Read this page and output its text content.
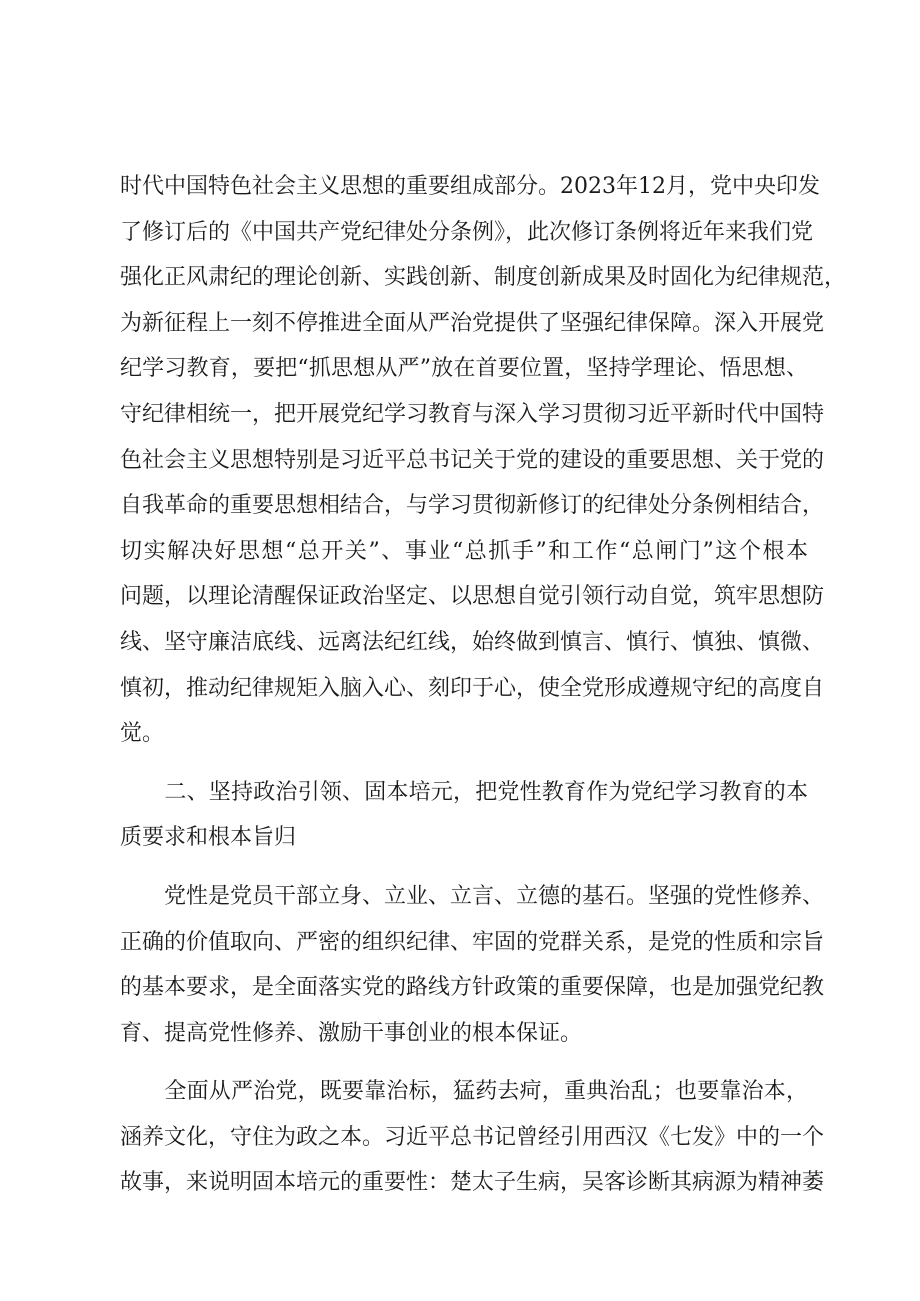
时代中国特色社会主义思想的重要组成部分。2023年12月，党中央印发
了修订后的《中国共产党纪律处分条例》，此次修订条例将近年来我们党
强化正风肃纪的理论创新、实践创新、制度创新成果及时固化为纪律规范，
为新征程上一刻不停推进全面从严治党提供了坚强纪律保障。深入开展党
纪学习教育，要把“抓思想从严”放在首要位置，坚持学理论、悟思想、
守纪律相统一，把开展党纪学习教育与深入学习贯彻习近平新时代中国特
色社会主义思想特别是习近平总书记关于党的建设的重要思想、关于党的
自我革命的重要思想相结合，与学习贯彻新修订的纪律处分条例相结合，
切实解决好思想“总开关”、事业“总抓手”和工作“总闸门”这个根本
问题，以理论清醒保证政治坚定、以思想自觉引领行动自觉，筑牢思想防
线、坚守廉洁底线、远离法纪红线，始终做到慎言、慎行、慎独、慎微、
慎初，推动纪律规矩入脑入心、刻印于心，使全党形成遵规守纪的高度自
觉。
　　二、坚持政治引领、固本培元，把党性教育作为党纪学习教育的本
质要求和根本旨归
　　党性是党员干部立身、立业、立言、立德的基石。坚强的党性修养、
正确的价值取向、严密的组织纪律、牢固的党群关系，是党的性质和宗旨
的基本要求，是全面落实党的路线方针政策的重要保障，也是加强党纪教
育、提高党性修养、激励干事创业的根本保证。
　　全面从严治党，既要靠治标，猛药去疴，重典治乱；也要靠治本，
涵养文化，守住为政之本。习近平总书记曾经引用西汉《七发》中的一个
故事，来说明固本培元的重要性：楚太子生病，吴客诊断其病源为精神萎
